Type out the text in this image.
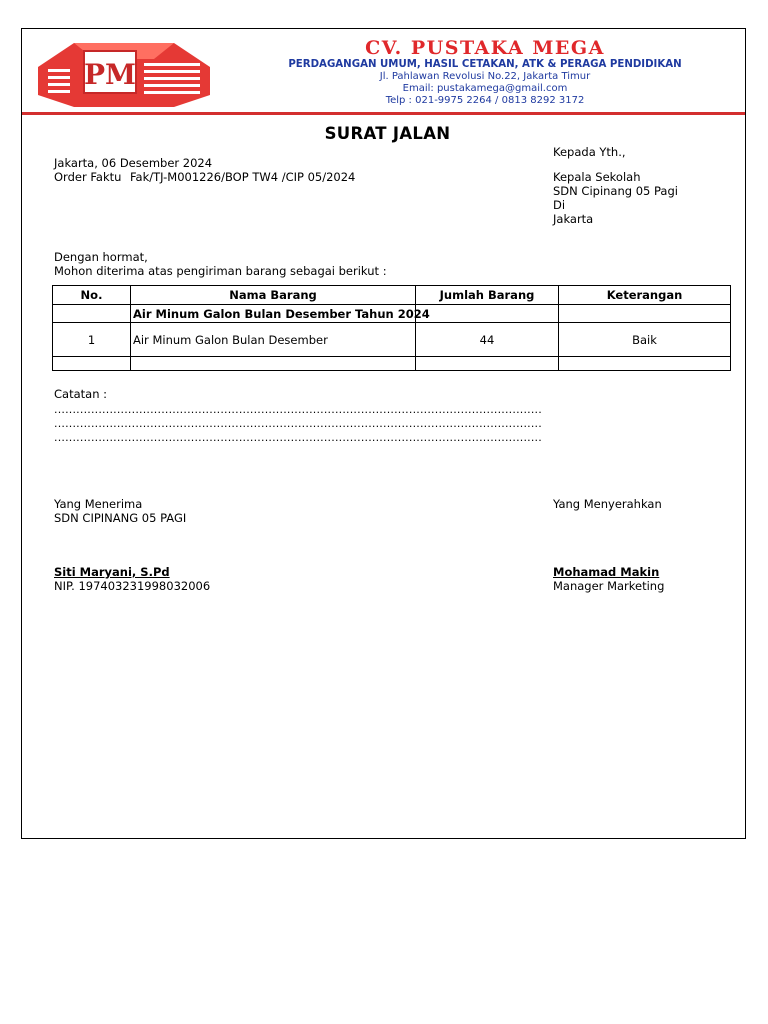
PM
CV. PUSTAKA MEGA
PERDAGANGAN UMUM, HASIL CETAKAN, ATK & PERAGA PENDIDIKAN
Jl. Pahlawan Revolusi No.22, Jakarta Timur
Email: pustakamega@gmail.com
Telp : 021-9975 2264 / 0813 8292 3172
SURAT JALAN
Kepada Yth.,
Jakarta, 06 Desember 2024
Order Faktu Fak/TJ-M001226/BOP TW4 /CIP 05/2024	Kepala Sekolah
SDN Cipinang 05 Pagi
Di
Jakarta
Dengan hormat,
Mohon diterima atas pengiriman barang sebagai berikut :
No.	Nama Barang	Jumlah Barang	Keterangan
	Air Minum Galon Bulan Desember Tahun 2024		
1	Air Minum Galon Bulan Desember	44	Baik

Catatan :
....................................................................................................................................
....................................................................................................................................
....................................................................................................................................
Yang Menerima	Yang Menyerahkan
SDN CIPINANG 05 PAGI
Siti Maryani, S.Pd	Mohamad Makin
NIP. 197403231998032006	Manager Marketing
